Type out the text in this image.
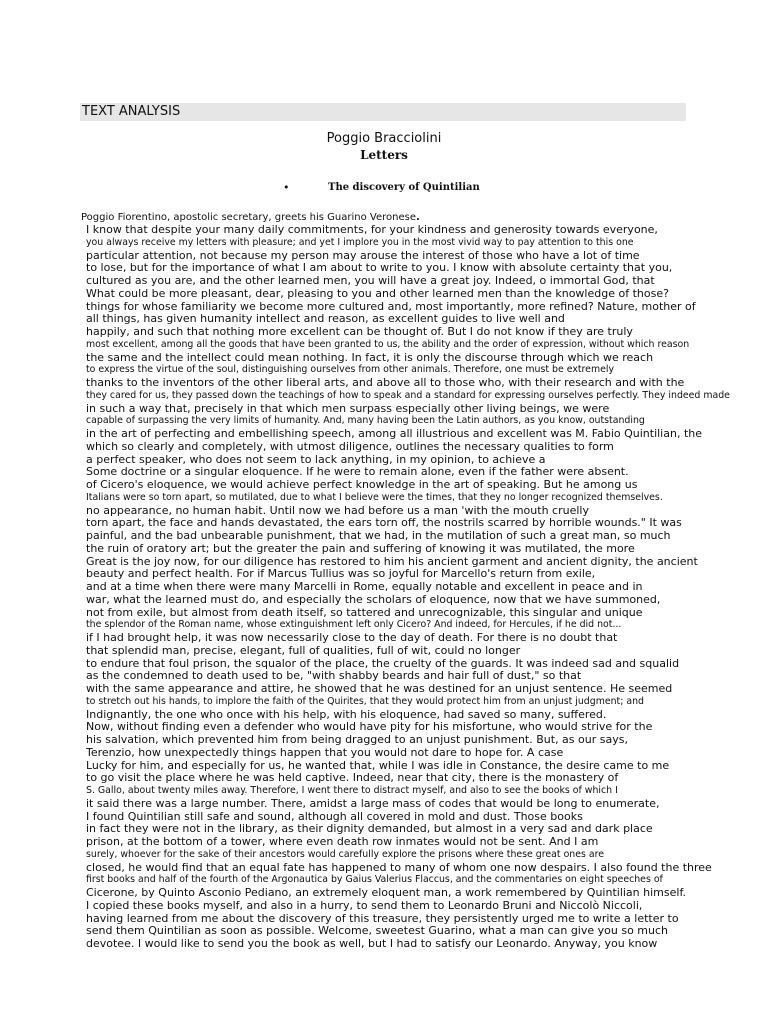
TEXT ANALYSIS
Poggio Bracciolini
Letters
•	The discovery of Quintilian
Poggio Fiorentino, apostolic secretary, greets his Guarino Veronese.
I know that despite your many daily commitments, for your kindness and generosity towards everyone,
you always receive my letters with pleasure; and yet I implore you in the most vivid way to pay attention to this one
particular attention, not because my person may arouse the interest of those who have a lot of time
to lose, but for the importance of what I am about to write to you. I know with absolute certainty that you,
cultured as you are, and the other learned men, you will have a great joy. Indeed, o immortal God, that
What could be more pleasant, dear, pleasing to you and other learned men than the knowledge of those?
things for whose familiarity we become more cultured and, most importantly, more refined? Nature, mother of
all things, has given humanity intellect and reason, as excellent guides to live well and
happily, and such that nothing more excellent can be thought of. But I do not know if they are truly
most excellent, among all the goods that have been granted to us, the ability and the order of expression, without which reason
the same and the intellect could mean nothing. In fact, it is only the discourse through which we reach
to express the virtue of the soul, distinguishing ourselves from other animals. Therefore, one must be extremely
thanks to the inventors of the other liberal arts, and above all to those who, with their research and with the
they cared for us, they passed down the teachings of how to speak and a standard for expressing ourselves perfectly. They indeed made
in such a way that, precisely in that which men surpass especially other living beings, we were
capable of surpassing the very limits of humanity. And, many having been the Latin authors, as you know, outstanding
in the art of perfecting and embellishing speech, among all illustrious and excellent was M. Fabio Quintilian, the
which so clearly and completely, with utmost diligence, outlines the necessary qualities to form
a perfect speaker, who does not seem to lack anything, in my opinion, to achieve a
Some doctrine or a singular eloquence. If he were to remain alone, even if the father were absent.
of Cicero's eloquence, we would achieve perfect knowledge in the art of speaking. But he among us
Italians were so torn apart, so mutilated, due to what I believe were the times, that they no longer recognized themselves.
no appearance, no human habit. Until now we had before us a man 'with the mouth cruelly
torn apart, the face and hands devastated, the ears torn off, the nostrils scarred by horrible wounds." It was
painful, and the bad unbearable punishment, that we had, in the mutilation of such a great man, so much
the ruin of oratory art; but the greater the pain and suffering of knowing it was mutilated, the more
Great is the joy now, for our diligence has restored to him his ancient garment and ancient dignity, the ancient
beauty and perfect health. For if Marcus Tullius was so joyful for Marcello's return from exile,
and at a time when there were many Marcelli in Rome, equally notable and excellent in peace and in
war, what the learned must do, and especially the scholars of eloquence, now that we have summoned,
not from exile, but almost from death itself, so tattered and unrecognizable, this singular and unique
the splendor of the Roman name, whose extinguishment left only Cicero? And indeed, for Hercules, if he did not...
if I had brought help, it was now necessarily close to the day of death. For there is no doubt that
that splendid man, precise, elegant, full of qualities, full of wit, could no longer
to endure that foul prison, the squalor of the place, the cruelty of the guards. It was indeed sad and squalid
as the condemned to death used to be, "with shabby beards and hair full of dust," so that
with the same appearance and attire, he showed that he was destined for an unjust sentence. He seemed
to stretch out his hands, to implore the faith of the Quirites, that they would protect him from an unjust judgment; and
Indignantly, the one who once with his help, with his eloquence, had saved so many, suffered.
Now, without finding even a defender who would have pity for his misfortune, who would strive for the
his salvation, which prevented him from being dragged to an unjust punishment. But, as our says,
Terenzio, how unexpectedly things happen that you would not dare to hope for. A case
Lucky for him, and especially for us, he wanted that, while I was idle in Constance, the desire came to me
to go visit the place where he was held captive. Indeed, near that city, there is the monastery of
S. Gallo, about twenty miles away. Therefore, I went there to distract myself, and also to see the books of which I
it said there was a large number. There, amidst a large mass of codes that would be long to enumerate,
I found Quintilian still safe and sound, although all covered in mold and dust. Those books
in fact they were not in the library, as their dignity demanded, but almost in a very sad and dark place
prison, at the bottom of a tower, where even death row inmates would not be sent. And I am
surely, whoever for the sake of their ancestors would carefully explore the prisons where these great ones are
closed, he would find that an equal fate has happened to many of whom one now despairs. I also found the three
first books and half of the fourth of the Argonautica by Gaius Valerius Flaccus, and the commentaries on eight speeches of
Cicerone, by Quinto Asconio Pediano, an extremely eloquent man, a work remembered by Quintilian himself.
I copied these books myself, and also in a hurry, to send them to Leonardo Bruni and Niccolò Niccoli,
having learned from me about the discovery of this treasure, they persistently urged me to write a letter to
send them Quintilian as soon as possible. Welcome, sweetest Guarino, what a man can give you so much
devotee. I would like to send you the book as well, but I had to satisfy our Leonardo. Anyway, you know
